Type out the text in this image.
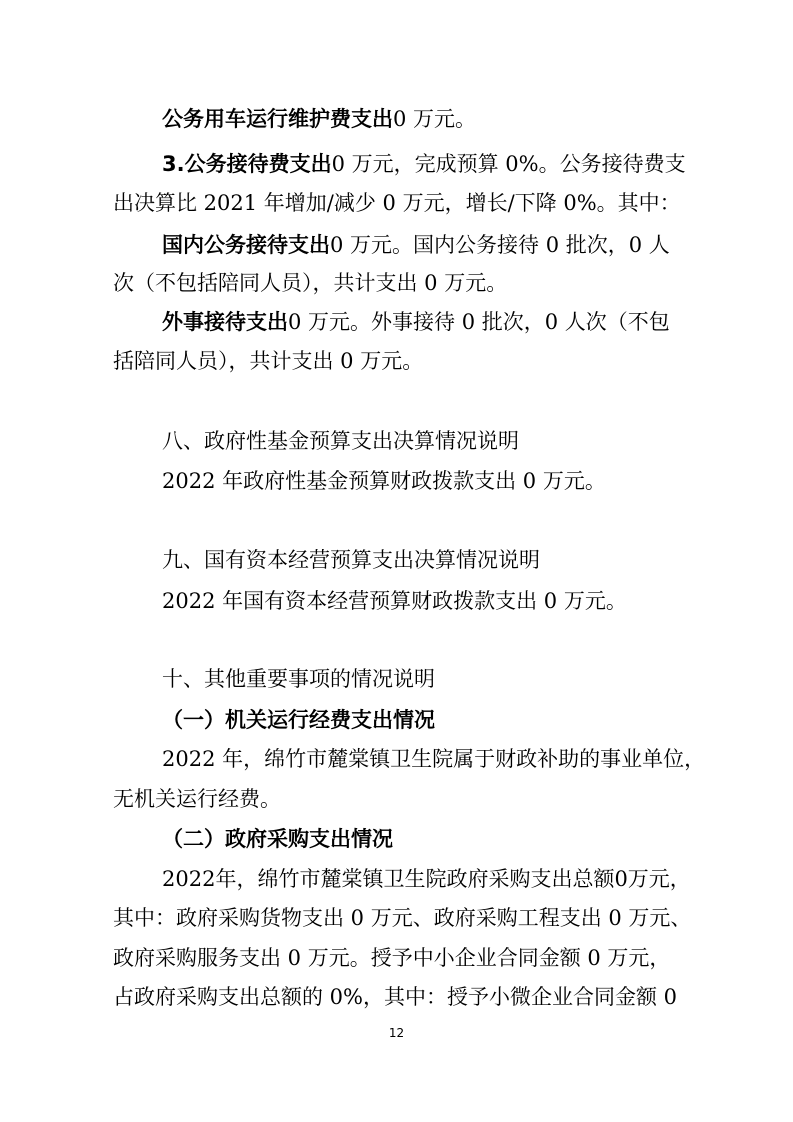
公务用车运行维护费支出0 万元。
3.公务接待费支出0 万元，完成预算 0%。公务接待费支
出决算比 2021 年增加/减少 0 万元，增长/下降 0%。其中：
国内公务接待支出0 万元。国内公务接待 0 批次，0 人
次（不包括陪同人员），共计支出 0 万元。
外事接待支出0 万元。外事接待 0 批次，0 人次（不包
括陪同人员），共计支出 0 万元。
八、政府性基金预算支出决算情况说明
2022 年政府性基金预算财政拨款支出 0 万元。
九、国有资本经营预算支出决算情况说明
2022 年国有资本经营预算财政拨款支出 0 万元。
十、其他重要事项的情况说明
（一）机关运行经费支出情况
2022 年，绵竹市麓棠镇卫生院属于财政补助的事业单位，
无机关运行经费。
（二）政府采购支出情况
2022年，绵竹市麓棠镇卫生院政府采购支出总额0万元，
其中：政府采购货物支出 0 万元、政府采购工程支出 0 万元、
政府采购服务支出 0 万元。授予中小企业合同金额 0 万元，
占政府采购支出总额的 0%，其中：授予小微企业合同金额 0
12
